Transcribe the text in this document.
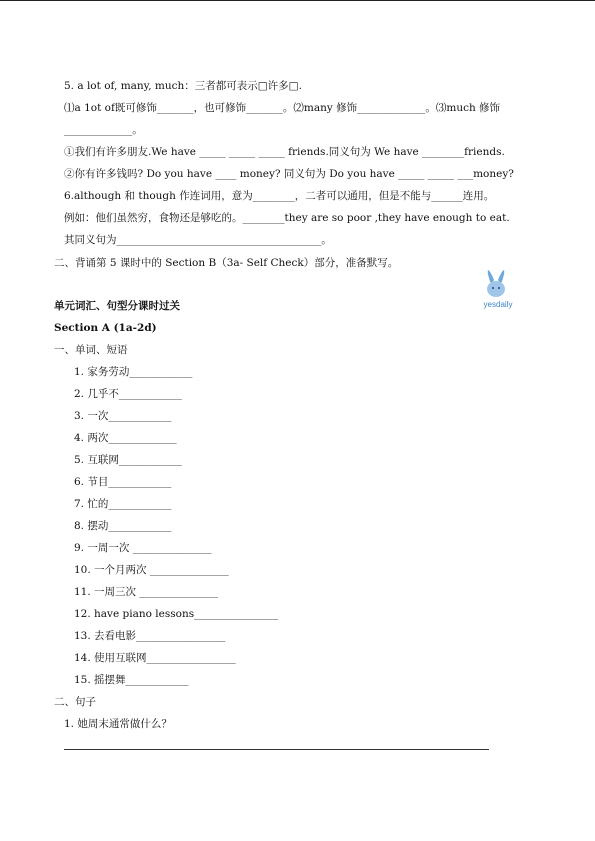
5. a lot of, many, much：三者都可表示□许多□.
⑴a 1ot of既可修饰_______，也可修饰_______。⑵many 修饰_____________。⑶much 修饰
_____________。
①我们有许多朋友.We have _____ _____ _____ friends.同义句为 We have ________friends.
②你有许多钱吗? Do you have ____ money? 同义句为 Do you have _____ _____ ___money?
6.although 和 though 作连词用，意为________，二者可以通用，但是不能与______连用。
例如：他们虽然穷，食物还是够吃的。________they are so poor ,they have enough to eat.
其同义句为_______________________________________。
二、背诵第 5 课时中的 Section B（3a- Self Check）部分，准备默写。
yesdaily
单元词汇、句型分课时过关
Section A (1a-2d)
一、单词、短语
1. 家务劳动____________
2. 几乎不____________
3. 一次____________
4. 两次_____________
5. 互联网____________
6. 节目____________
7. 忙的____________
8. 摆动____________
9. 一周一次 _______________
10. 一个月两次 _______________
11. 一周三次 _______________
12. have piano lessons________________
13. 去看电影_________________
14. 使用互联网_________________
15. 摇摆舞____________
二、句子
1. 她周末通常做什么？
